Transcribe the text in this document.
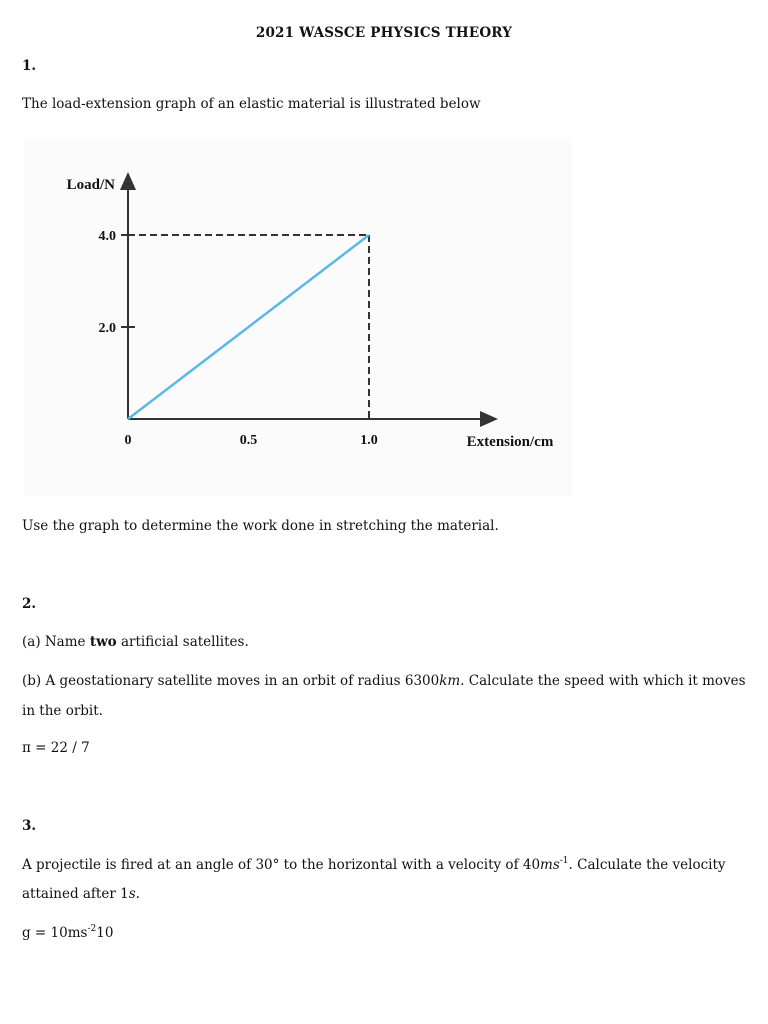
2021 WASSCE PHYSICS THEORY

1.

The load-extension graph of an elastic material is illustrated below

2.0
4.0
0	0.5	1.0
Load/N
Extension/cm

Use the graph to determine the work done in stretching the material.

2.

(a) Name two artificial satellites.

(b) A geostationary satellite moves in an orbit of radius 6300km. Calculate the speed with which it moves

in the orbit.

π = 22 / 7

3.

A projectile is fired at an angle of 30° to the horizontal with a velocity of $40ms^{-1}$. Calculate the velocity

attained after 1s.

$g = 10ms^{-2}10$
